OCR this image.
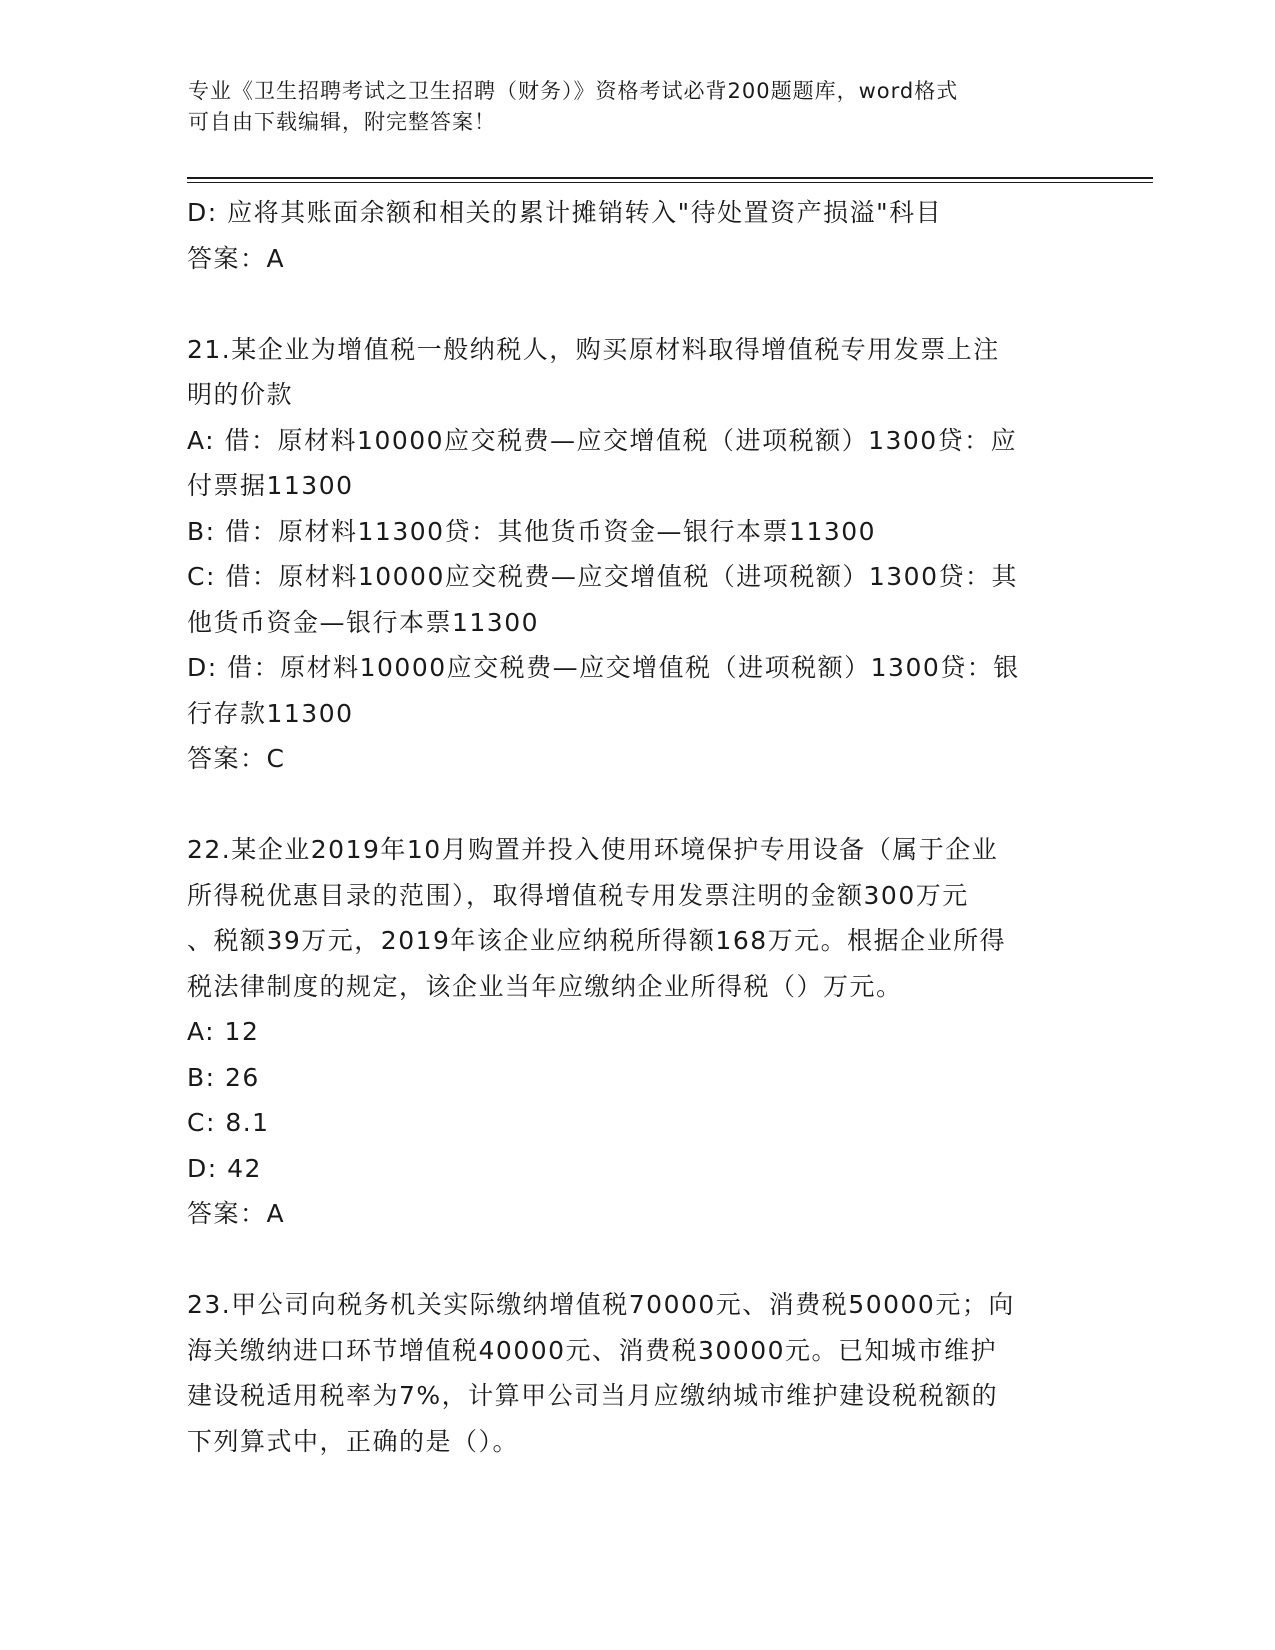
专业《卫生招聘考试之卫生招聘（财务）》资格考试必背200题题库，word格式
可自由下载编辑，附完整答案！
D: 应将其账面余额和相关的累计摊销转入"待处置资产损溢"科目
答案：A
21.某企业为增值税一般纳税人，购买原材料取得增值税专用发票上注
明的价款
A: 借：原材料10000应交税费—应交增值税（进项税额）1300贷：应
付票据11300
B: 借：原材料11300贷：其他货币资金—银行本票11300
C: 借：原材料10000应交税费—应交增值税（进项税额）1300贷：其
他货币资金—银行本票11300
D: 借：原材料10000应交税费—应交增值税（进项税额）1300贷：银
行存款11300
答案：C
22.某企业2019年10月购置并投入使用环境保护专用设备（属于企业
所得税优惠目录的范围），取得增值税专用发票注明的金额300万元
、税额39万元，2019年该企业应纳税所得额168万元。根据企业所得
税法律制度的规定，该企业当年应缴纳企业所得税（）万元。
A: 12
B: 26
C: 8.1
D: 42
答案：A
23.甲公司向税务机关实际缴纳增值税70000元、消费税50000元；向
海关缴纳进口环节增值税40000元、消费税30000元。已知城市维护
建设税适用税率为7%，计算甲公司当月应缴纳城市维护建设税税额的
下列算式中，正确的是（）。
